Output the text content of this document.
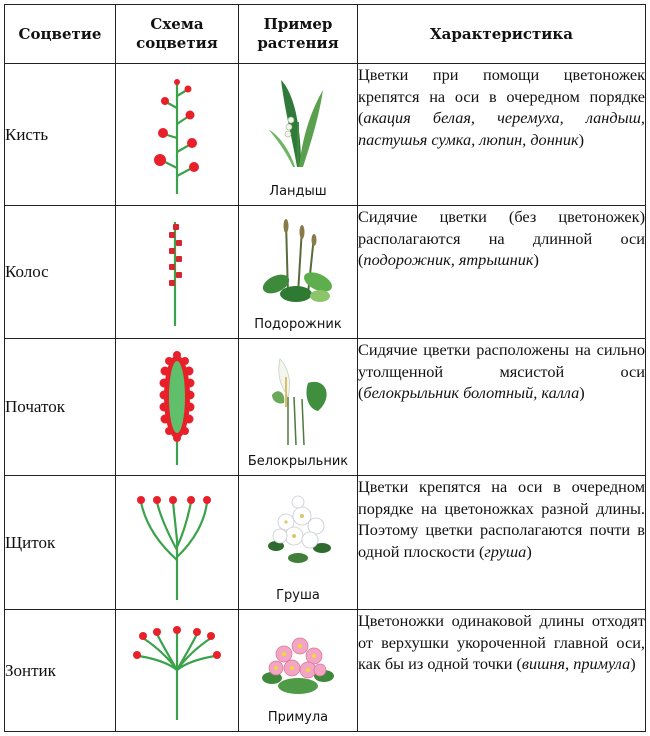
Соцветие	Схема соцветия	Пример растения	Характеристика
Кисть		Ландыш	Цветки при помощи цветоножек крепятся на оси в очередном порядке (акация белая, черемуха, ландыш, пастушья сумка, люпин, донник)
Колос		Подорожник	Сидячие цветки (без цветоножек) располагаются на длинной оси (подорожник, ятрышник)
Початок		Белокрыльник	Сидячие цветки расположены на сильно утолщенной мясистой оси (белокрыльник болотный, калла)
Щиток		Груша	Цветки крепятся на оси в очередном порядке на цветоножках разной длины. Поэтому цветки располагаются почти в одной плоскости (груша)
Зонтик		Примула	Цветоножки одинаковой длины отходят от верхушки укороченной главной оси, как бы из одной точки (вишня, примула)
